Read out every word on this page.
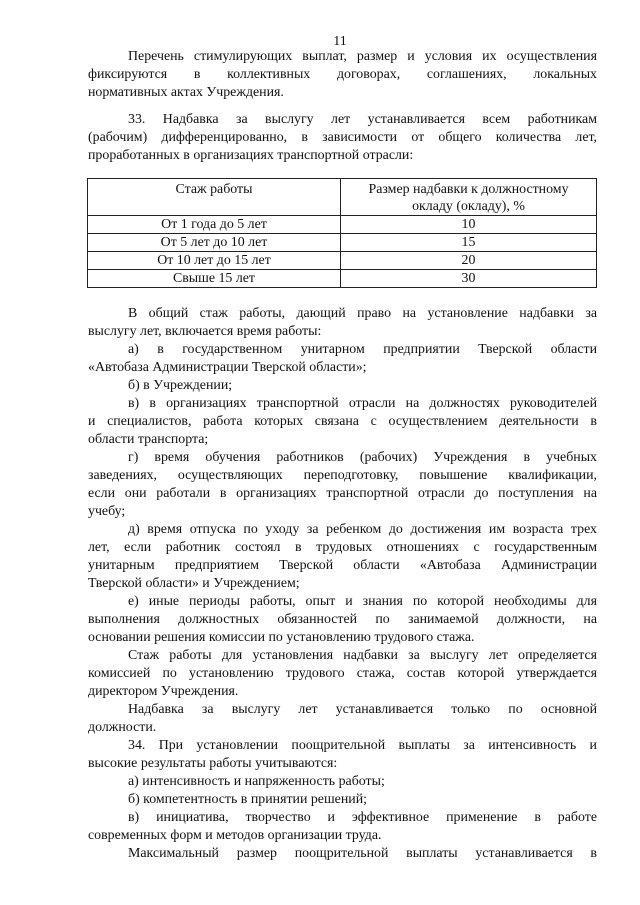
11
Перечень стимулирующих выплат, размер и условия их осуществления
фиксируются в коллективных договорах, соглашениях, локальных
нормативных актах Учреждения.
33. Надбавка за выслугу лет устанавливается всем работникам
(рабочим) дифференцированно, в зависимости от общего количества лет,
проработанных в организациях транспортной отрасли:
Стаж работы	Размер надбавки к должностному
окладу (окладу), %

От 1 года до 5 лет	10
От 5 лет до 10 лет	15
От 10 лет до 15 лет	20
Свыше 15 лет	30
В общий стаж работы, дающий право на установление надбавки за
выслугу лет, включается время работы:
а) в государственном унитарном предприятии Тверской области
«Автобаза Администрации Тверской области»;
б) в Учреждении;
в) в организациях транспортной отрасли на должностях руководителей
и специалистов, работа которых связана с осуществлением деятельности в
области транспорта;
г) время обучения работников (рабочих) Учреждения в учебных
заведениях, осуществляющих переподготовку, повышение квалификации,
если они работали в организациях транспортной отрасли до поступления на
учебу;
д) время отпуска по уходу за ребенком до достижения им возраста трех
лет, если работник состоял в трудовых отношениях с государственным
унитарным предприятием Тверской области «Автобаза Администрации
Тверской области» и Учреждением;
е) иные периоды работы, опыт и знания по которой необходимы для
выполнения должностных обязанностей по занимаемой должности, на
основании решения комиссии по установлению трудового стажа.
Стаж работы для установления надбавки за выслугу лет определяется
комиссией по установлению трудового стажа, состав которой утверждается
директором Учреждения.
Надбавка за выслугу лет устанавливается только по основной
должности.
34. При установлении поощрительной выплаты за интенсивность и
высокие результаты работы учитываются:
а) интенсивность и напряженность работы;
б) компетентность в принятии решений;
в) инициатива, творчество и эффективное применение в работе
современных форм и методов организации труда.
Максимальный размер поощрительной выплаты устанавливается в
